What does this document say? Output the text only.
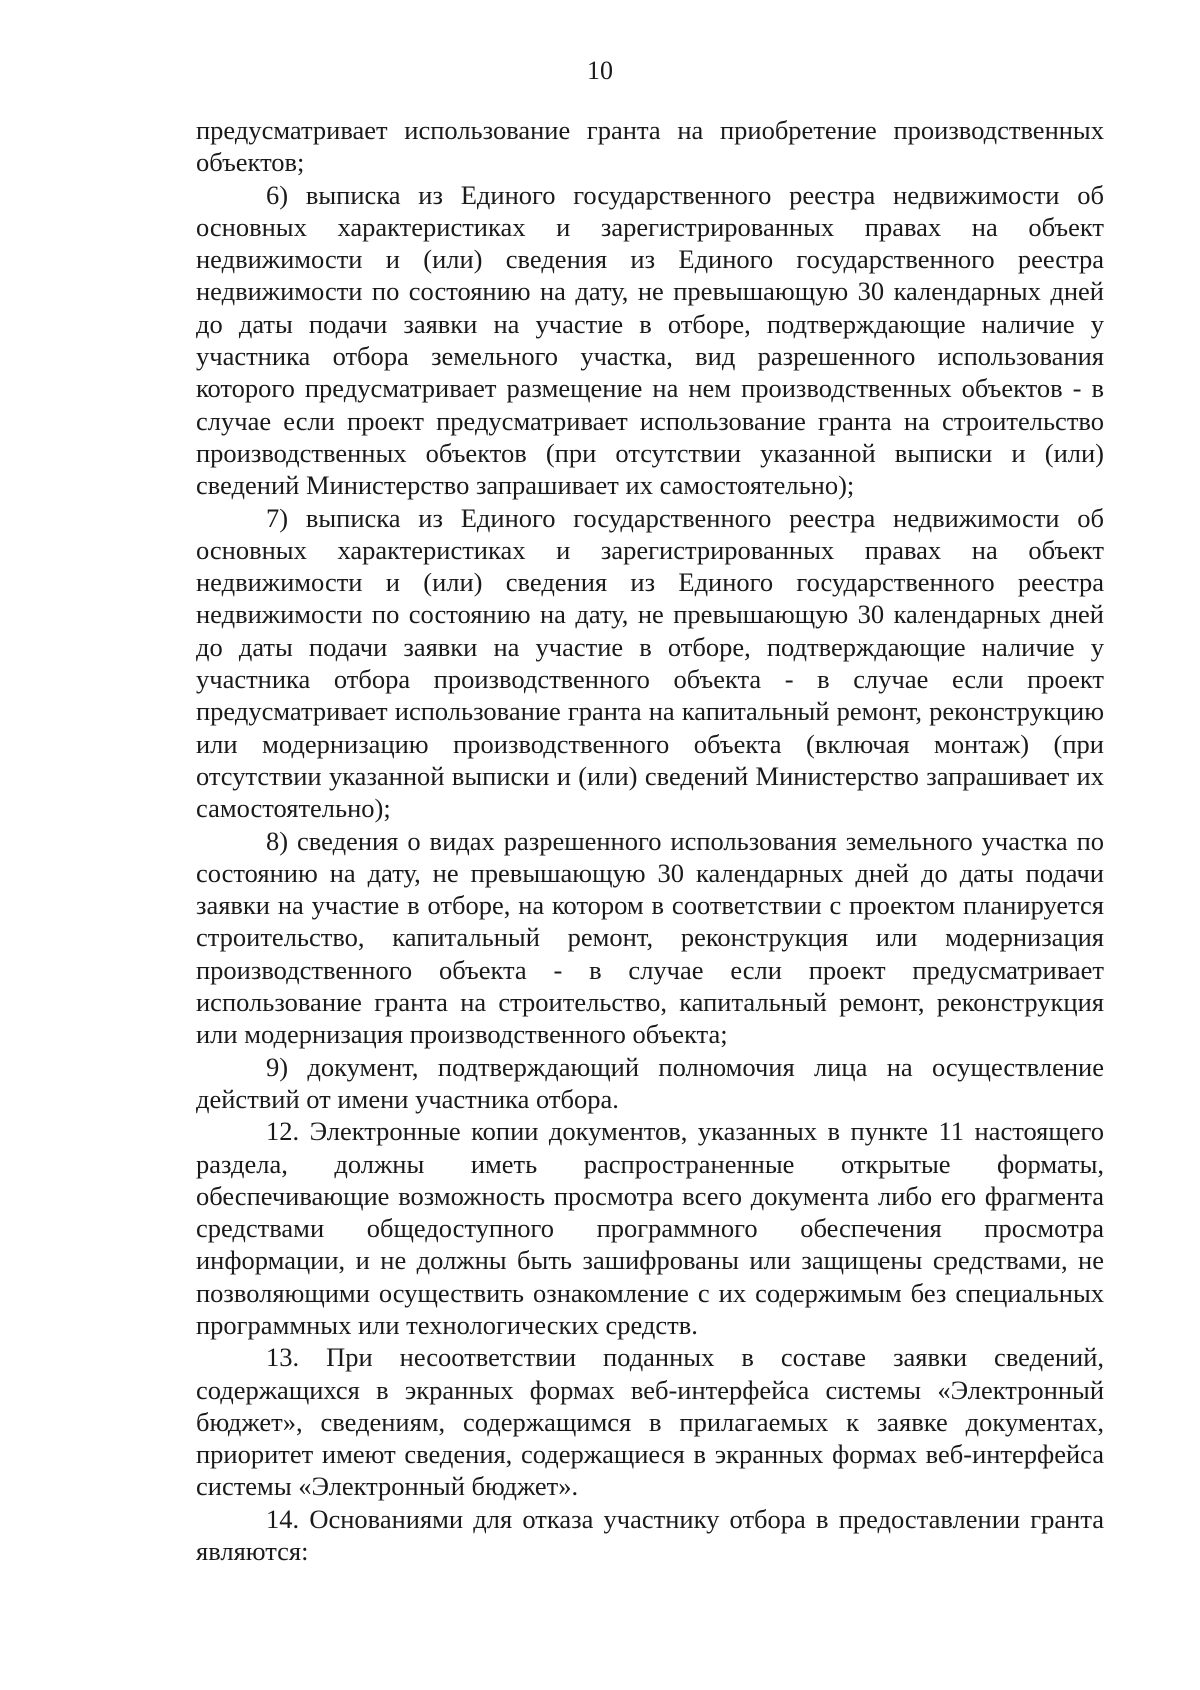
10

предусматривает использование гранта на приобретение производственных объектов;

6) выписка из Единого государственного реестра недвижимости об основных характеристиках и зарегистрированных правах на объект недвижимости и (или) сведения из Единого государственного реестра недвижимости по состоянию на дату, не превышающую 30 календарных дней до даты подачи заявки на участие в отборе, подтверждающие наличие у участника отбора земельного участка, вид разрешенного использования которого предусматривает размещение на нем производственных объектов - в случае если проект предусматривает использование гранта на строительство производственных объектов (при отсутствии указанной выписки и (или) сведений Министерство запрашивает их самостоятельно);

7) выписка из Единого государственного реестра недвижимости об основных характеристиках и зарегистрированных правах на объект недвижимости и (или) сведения из Единого государственного реестра недвижимости по состоянию на дату, не превышающую 30 календарных дней до даты подачи заявки на участие в отборе, подтверждающие наличие у участника отбора производственного объекта - в случае если проект предусматривает использование гранта на капитальный ремонт, реконструкцию или модернизацию производственного объекта (включая монтаж) (при отсутствии указанной выписки и (или) сведений Министерство запрашивает их самостоятельно);

8) сведения о видах разрешенного использования земельного участка по состоянию на дату, не превышающую 30 календарных дней до даты подачи заявки на участие в отборе, на котором в соответствии с проектом планируется строительство, капитальный ремонт, реконструкция или модернизация производственного объекта - в случае если проект предусматривает использование гранта на строительство, капитальный ремонт, реконструкция или модернизация производственного объекта;

9) документ, подтверждающий полномочия лица на осуществление действий от имени участника отбора.

12. Электронные копии документов, указанных в пункте 11 настоящего раздела, должны иметь распространенные открытые форматы, обеспечивающие возможность просмотра всего документа либо его фрагмента средствами общедоступного программного обеспечения просмотра информации, и не должны быть зашифрованы или защищены средствами, не позволяющими осуществить ознакомление с их содержимым без специальных программных или технологических средств.

13. При несоответствии поданных в составе заявки сведений, содержащихся в экранных формах веб-интерфейса системы «Электронный бюджет», сведениям, содержащимся в прилагаемых к заявке документах, приоритет имеют сведения, содержащиеся в экранных формах веб-интерфейса системы «Электронный бюджет».

14. Основаниями для отказа участнику отбора в предоставлении гранта являются:
